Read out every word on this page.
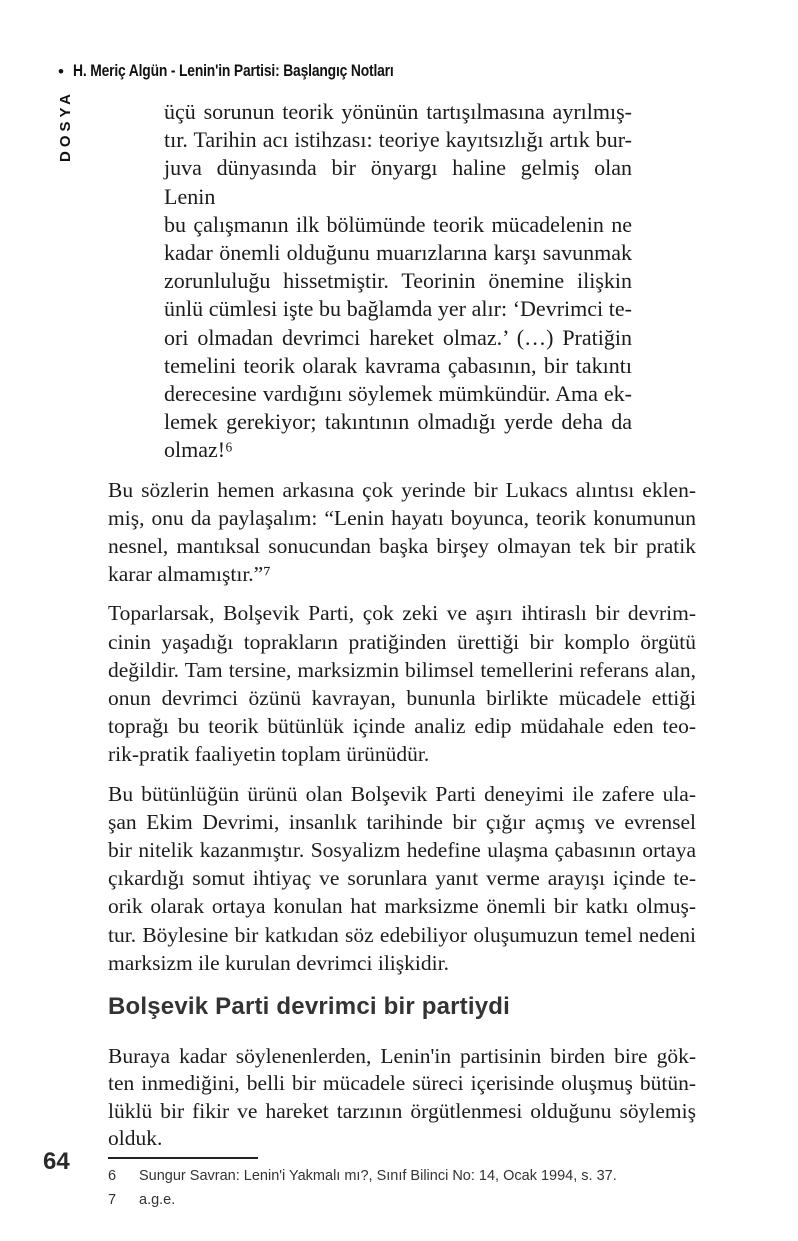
• H. Meriç Algün - Lenin'in Partisi: Başlangıç Notları
DOSYA	üçü sorunun teorik yönünün tartışılmasına ayrılmış-
tır. Tarihin acı istihzası: teoriye kayıtsızlığı artık bur-
juva dünyasında bir önyargı haline gelmiş olan Lenin
bu çalışmanın ilk bölümünde teorik mücadelenin ne
kadar önemli olduğunu muarızlarına karşı savunmak
zorunluluğu hissetmiştir. Teorinin önemine ilişkin
ünlü cümlesi işte bu bağlamda yer alır: ‘Devrimci te-
ori olmadan devrimci hareket olmaz.’ (…) Pratiğin
temelini teorik olarak kavrama çabasının, bir takıntı
derecesine vardığını söylemek mümkündür. Ama ek-
lemek gerekiyor; takıntının olmadığı yerde deha da
olmaz!⁶
Bu sözlerin hemen arkasına çok yerinde bir Lukacs alıntısı eklen-
miş, onu da paylaşalım: “Lenin hayatı boyunca, teorik konumunun
nesnel, mantıksal sonucundan başka birşey olmayan tek bir pratik
karar almamıştır.”⁷
Toparlarsak, Bolşevik Parti, çok zeki ve aşırı ihtiraslı bir devrim-
cinin yaşadığı toprakların pratiğinden ürettiği bir komplo örgütü
değildir. Tam tersine, marksizmin bilimsel temellerini referans alan,
onun devrimci özünü kavrayan, bununla birlikte mücadele ettiği
toprağı bu teorik bütünlük içinde analiz edip müdahale eden teo-
rik-pratik faaliyetin toplam ürünüdür.
Bu bütünlüğün ürünü olan Bolşevik Parti deneyimi ile zafere ula-
şan Ekim Devrimi, insanlık tarihinde bir çığır açmış ve evrensel
bir nitelik kazanmıştır. Sosyalizm hedefine ulaşma çabasının ortaya
çıkardığı somut ihtiyaç ve sorunlara yanıt verme arayışı içinde te-
orik olarak ortaya konulan hat marksizme önemli bir katkı olmuş-
tur. Böylesine bir katkıdan söz edebiliyor oluşumuzun temel nedeni
marksizm ile kurulan devrimci ilişkidir.
Bolşevik Parti devrimci bir partiydi
Buraya kadar söylenenlerden, Lenin'in partisinin birden bire gök-
ten inmediğini, belli bir mücadele süreci içerisinde oluşmuş bütün-
lüklü bir fikir ve hareket tarzının örgütlenmesi olduğunu söylemiş
olduk.
6	Sungur Savran: Lenin'i Yakmalı mı?, Sınıf Bilinci No: 14, Ocak 1994, s. 37.
7	a.g.e.
64
